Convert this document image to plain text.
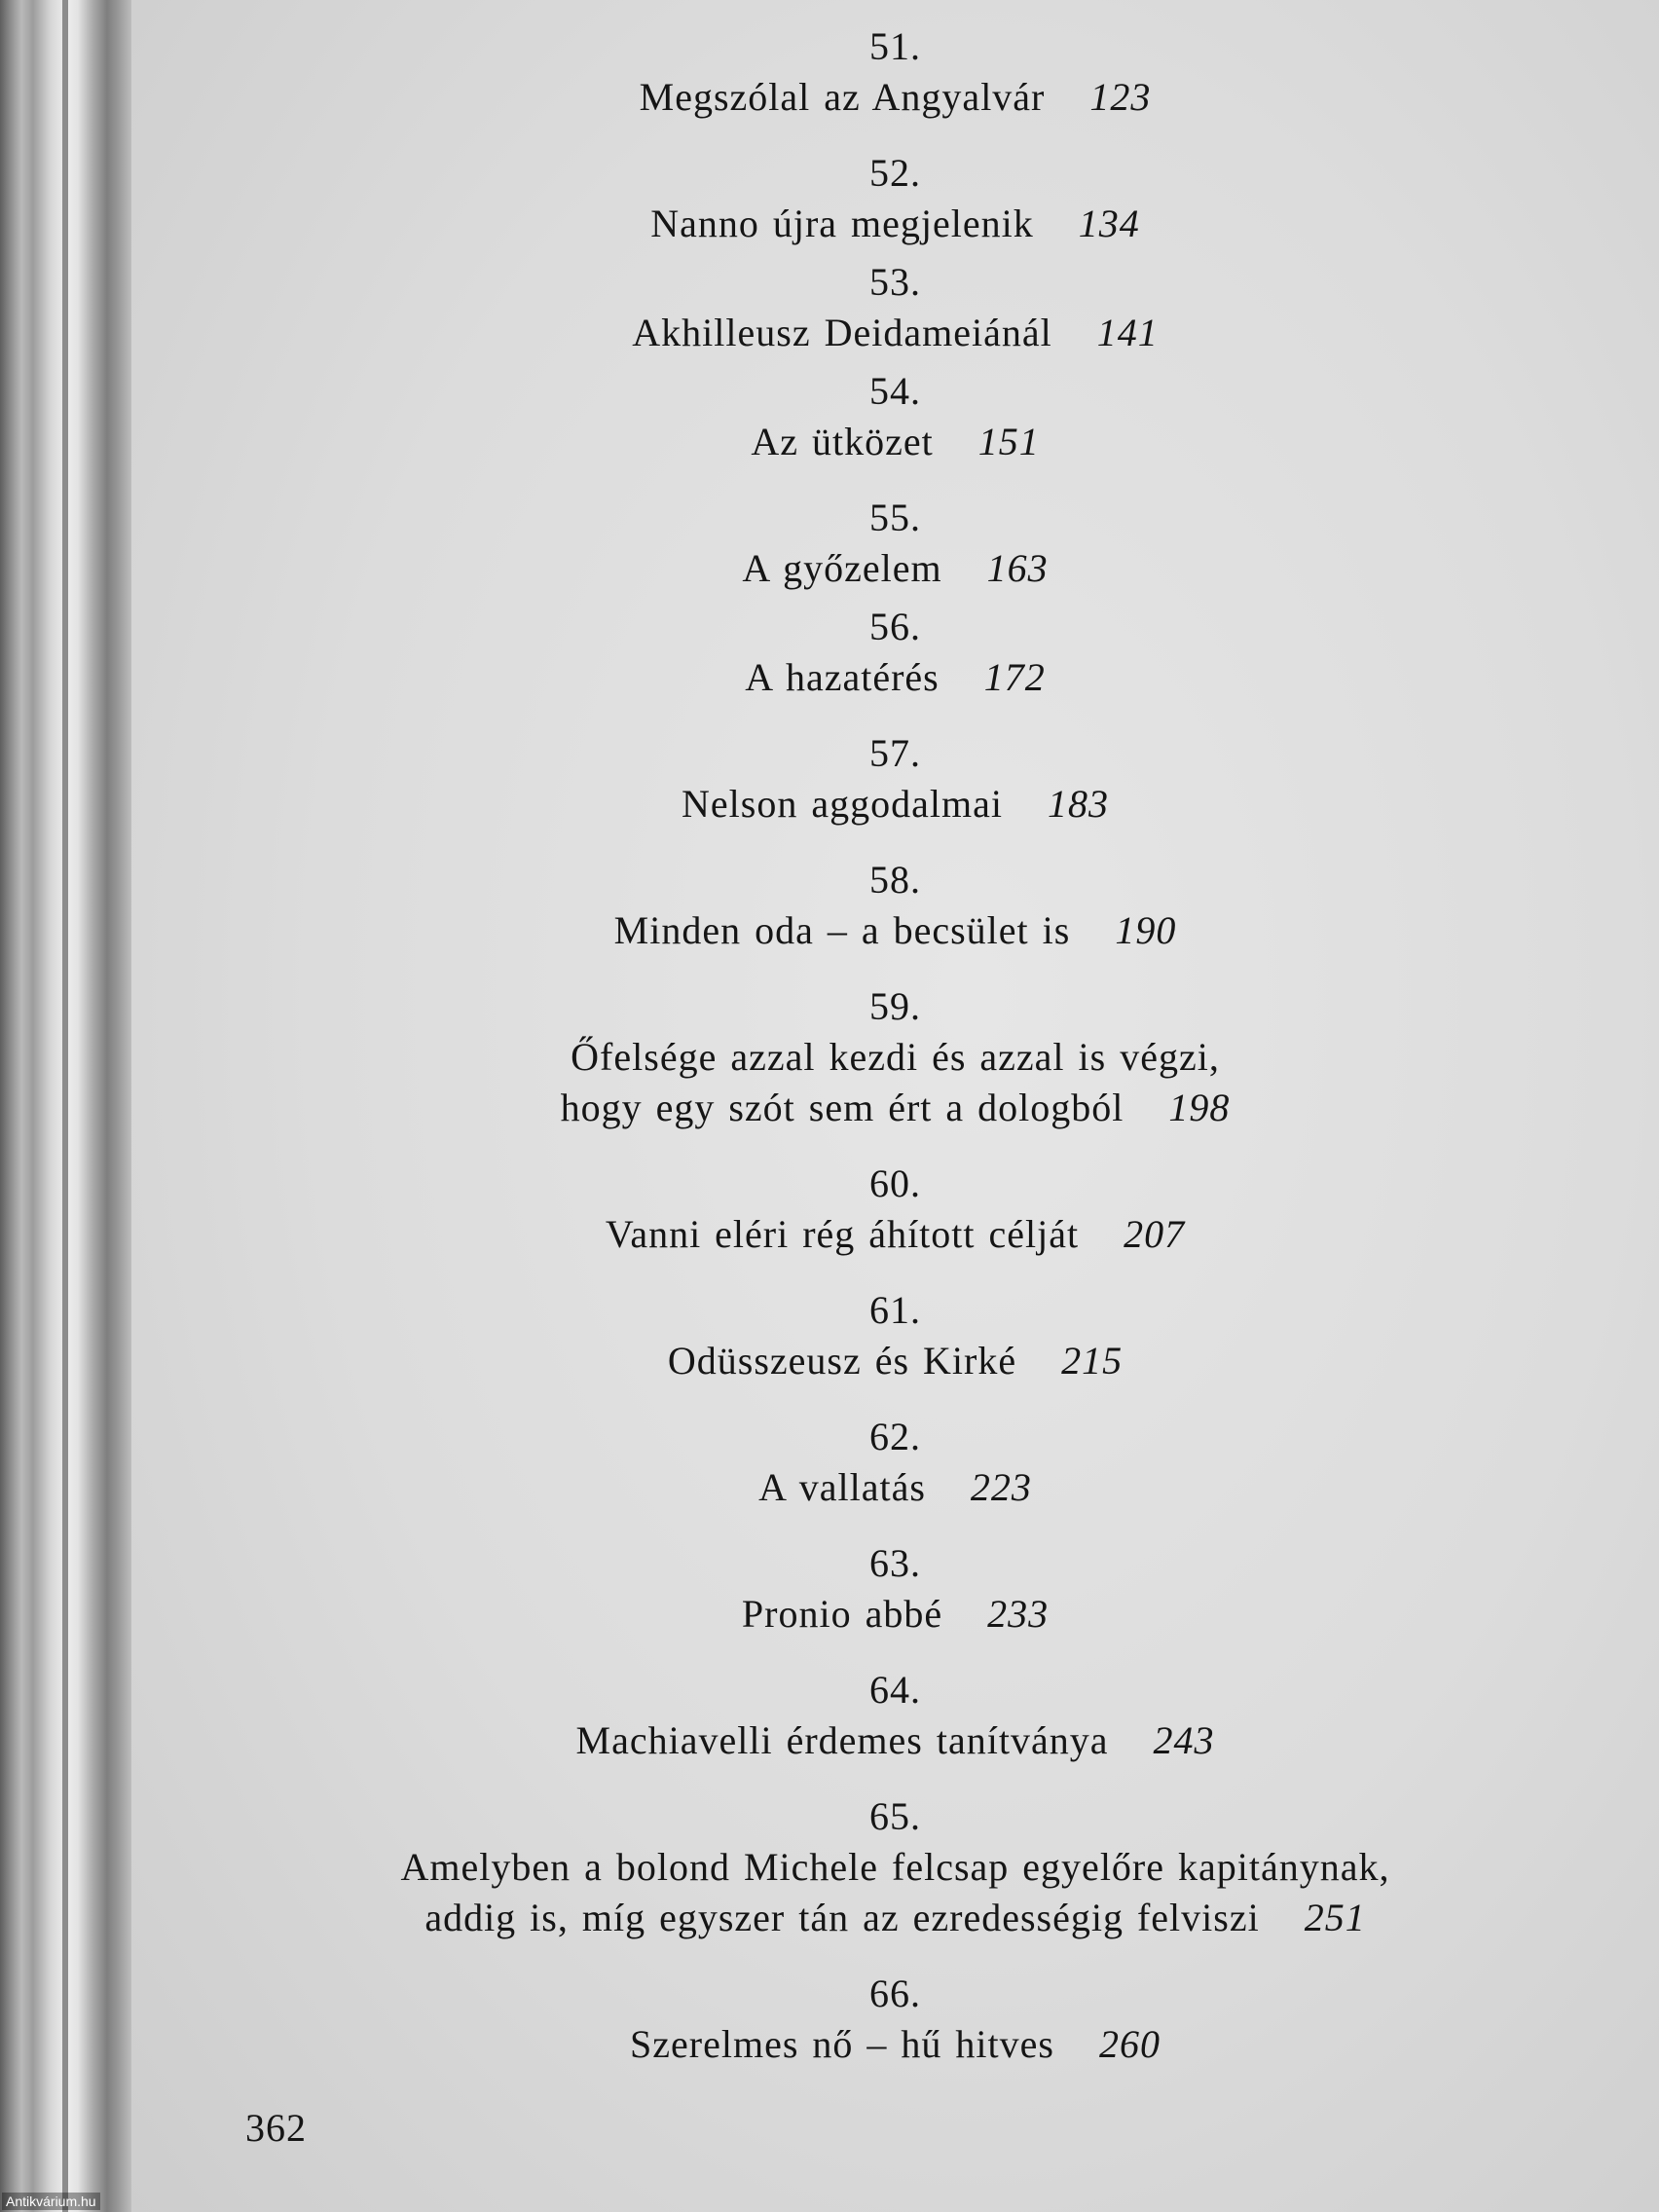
51.
Megszólal az Angyalvár 123
52.
Nanno újra megjelenik 134
53.
Akhilleusz Deidameiánál 141
54.
Az ütközet 151
55.
A győzelem 163
56.
A hazatérés 172
57.
Nelson aggodalmai 183
58.
Minden oda – a becsület is 190
59.
Őfelsége azzal kezdi és azzal is végzi,
hogy egy szót sem ért a dologból 198
60.
Vanni eléri rég áhított célját 207
61.
Odüsszeusz és Kirké 215
62.
A vallatás 223
63.
Pronio abbé 233
64.
Machiavelli érdemes tanítványa 243
65.
Amelyben a bolond Michele felcsap egyelőre kapitánynak,
addig is, míg egyszer tán az ezredességig felviszi 251
66.
Szerelmes nő – hű hitves 260
362
Antikvárium.hu
